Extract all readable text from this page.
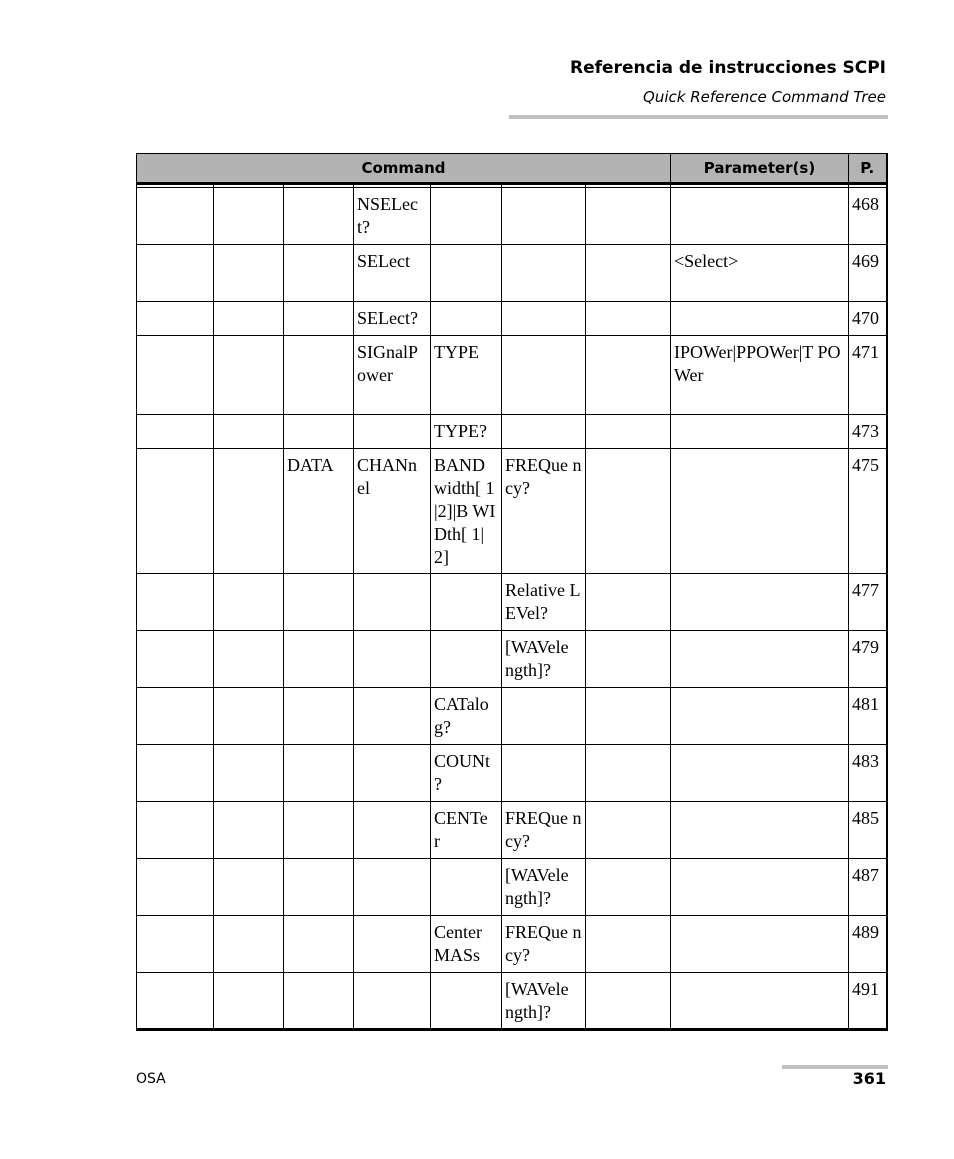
Referencia de instrucciones SCPI
Quick Reference Command Tree
Command							Parameter(s)	P.

			NSELec t?					468
			SELect				<Select>	469
			SELect?					470
			SIGnalP ower	TYPE			IPOWer|PPOWer|T POWer	471
				TYPE?				473
		DATA	CHANn el	BAND width[ 1|2]|B WIDth[ 1|2]	FREQue ncy?			475
					Relative LEVel?			477
					[WAVele ngth]?			479
				CATalo g?				481
				COUNt ?				483
				CENTe r	FREQue ncy?			485
					[WAVele ngth]?			487
				Center MASs	FREQue ncy?			489
					[WAVele ngth]?			491
OSA	361
